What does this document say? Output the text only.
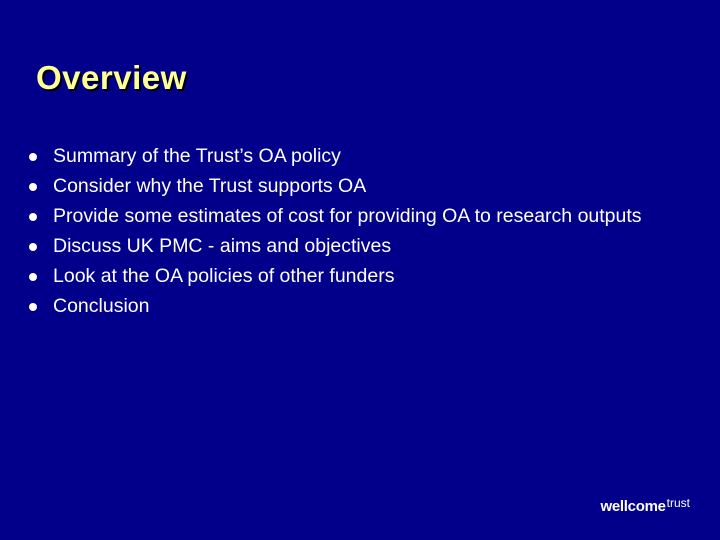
Overview
Summary of the Trust’s OA policy
Consider why the Trust supports OA
Provide some estimates of cost for providing OA to research outputs
Discuss UK PMC - aims and objectives
Look at the OA policies of other funders
Conclusion
wellcome$^{trust}$
